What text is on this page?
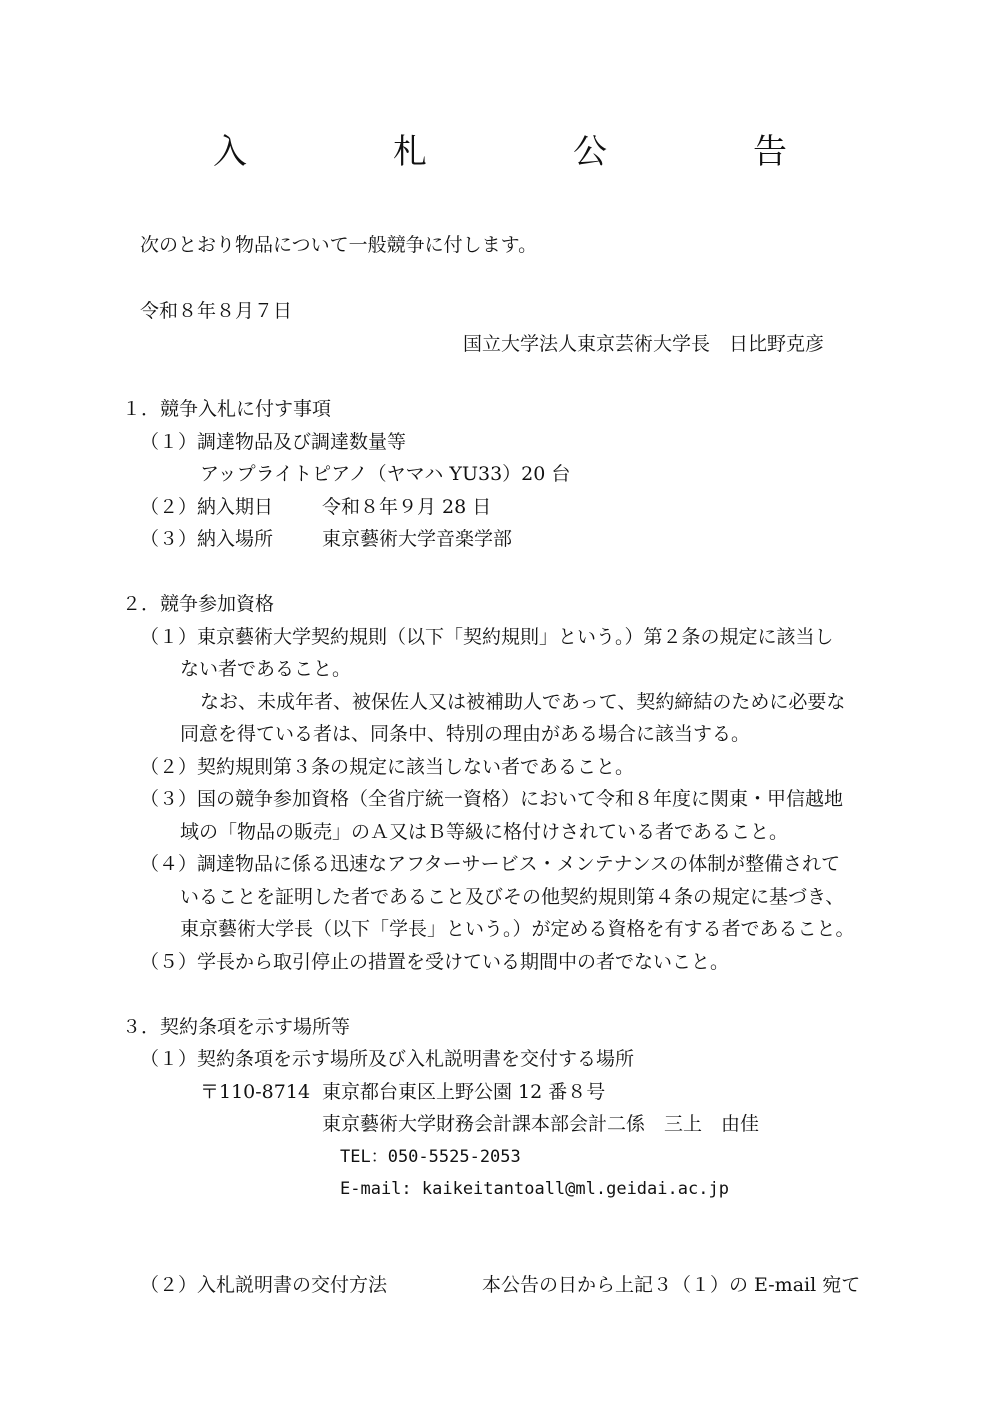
入　札　公　告
次のとおり物品について一般競争に付します。
令和８年８月７日
国立大学法人東京芸術大学長　日比野克彦
１．競争入札に付す事項
（１）調達物品及び調達数量等
アップライトピアノ（ヤマハ YU33）20 台
（２）納入期日	令和８年９月 28 日
（３）納入場所	東京藝術大学音楽学部
２．競争参加資格
（１）東京藝術大学契約規則（以下「契約規則」という。）第２条の規定に該当し
ない者であること。
なお、未成年者、被保佐人又は被補助人であって、契約締結のために必要な
同意を得ている者は、同条中、特別の理由がある場合に該当する。
（２）契約規則第３条の規定に該当しない者であること。
（３）国の競争参加資格（全省庁統一資格）において令和８年度に関東・甲信越地
域の「物品の販売」のＡ又はＢ等級に格付けされている者であること。
（４）調達物品に係る迅速なアフターサービス・メンテナンスの体制が整備されて
いることを証明した者であること及びその他契約規則第４条の規定に基づき、
東京藝術大学長（以下「学長」という。）が定める資格を有する者であること。
（５）学長から取引停止の措置を受けている期間中の者でないこと。
３．契約条項を示す場所等
（１）契約条項を示す場所及び入札説明書を交付する場所
〒110-8714 東京都台東区上野公園 12 番８号
東京藝術大学財務会計課本部会計二係　三上　由佳
TEL：050-5525-2053
E-mail: kaikeitantoall@ml.geidai.ac.jp
（２）入札説明書の交付方法	本公告の日から上記３（１）の E-mail 宛て
